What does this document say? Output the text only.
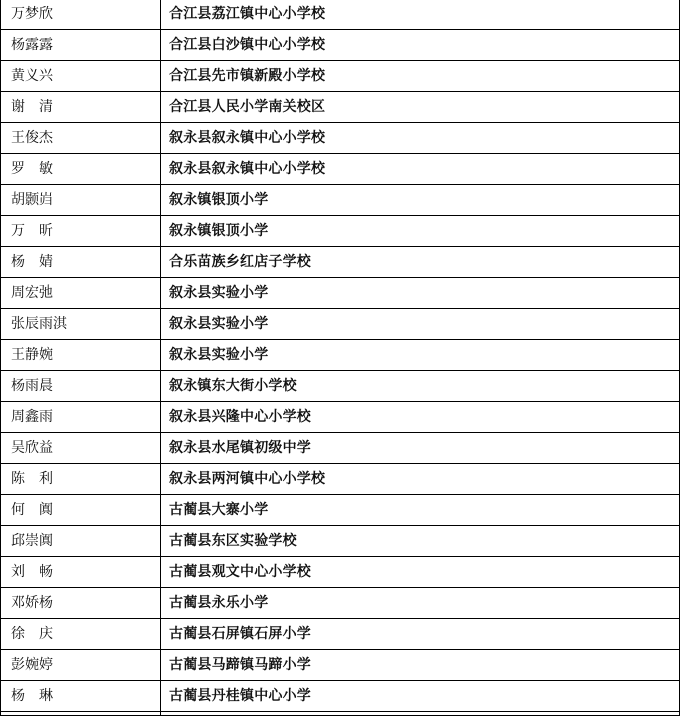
万梦欣	合江县荔江镇中心小学校
杨露露	合江县白沙镇中心小学校
黄义兴	合江县先市镇新殿小学校
谢　清	合江县人民小学南关校区
王俊杰	叙永县叙永镇中心小学校
罗　敏	叙永县叙永镇中心小学校
胡颢岿	叙永镇银顶小学
万　昕	叙永镇银顶小学
杨　婧	合乐苗族乡红店子学校
周宏弛	叙永县实验小学
张辰雨淇	叙永县实验小学
王静婉	叙永县实验小学
杨雨晨	叙永镇东大街小学校
周鑫雨	叙永县兴隆中心小学校
吴欣益	叙永县水尾镇初级中学
陈　利	叙永县两河镇中心小学校
何　阗	古蔺县大寨小学
邱崇阗	古蔺县东区实验学校
刘　畅	古蔺县观文中心小学校
邓娇杨	古蔺县永乐小学
徐　庆	古蔺县石屏镇石屏小学
彭婉婷	古蔺县马蹄镇马蹄小学
杨　琳	古蔺县丹桂镇中心小学
